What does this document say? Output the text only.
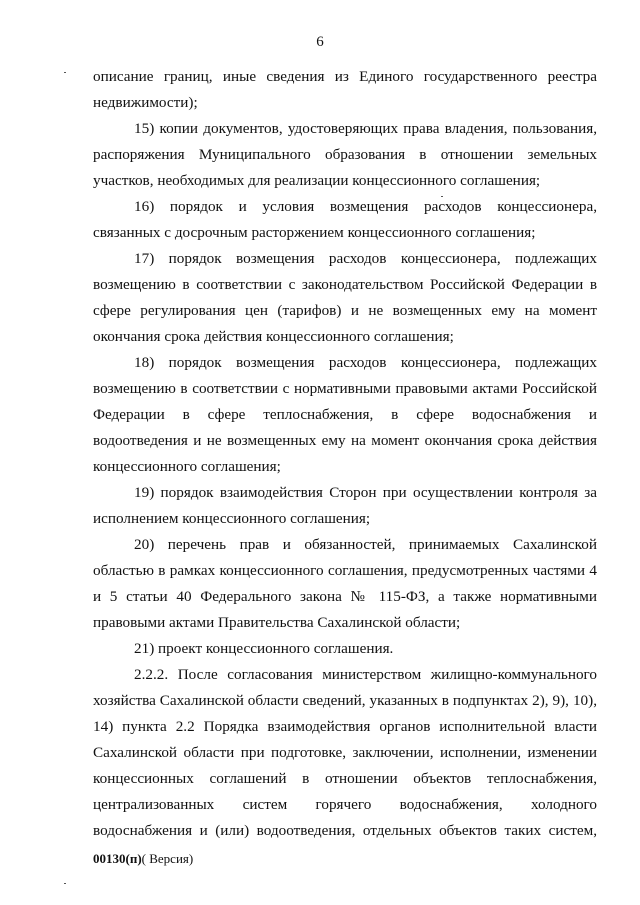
6

описание границ, иные сведения из Единого государственного реестра недвижимости);

15) копии документов, удостоверяющих права владения, пользования, распоряжения Муниципального образования в отношении земельных участков, необходимых для реализации концессионного соглашения;

16) порядок и условия возмещения расходов концессионера, связанных с досрочным расторжением концессионного соглашения;

17) порядок возмещения расходов концессионера, подлежащих возмещению в соответствии с законодательством Российской Федерации в сфере регулирования цен (тарифов) и не возмещенных ему на момент окончания срока действия концессионного соглашения;

18) порядок возмещения расходов концессионера, подлежащих возмещению в соответствии с нормативными правовыми актами Российской Федерации в сфере теплоснабжения, в сфере водоснабжения и водоотведения и не возмещенных ему на момент окончания срока действия концессионного соглашения;

19) порядок взаимодействия Сторон при осуществлении контроля за исполнением концессионного соглашения;

20) перечень прав и обязанностей, принимаемых Сахалинской областью в рамках концессионного соглашения, предусмотренных частями 4 и 5 статьи 40 Федерального закона № 115-ФЗ, а также нормативными правовыми актами Правительства Сахалинской области;

21) проект концессионного соглашения.

2.2.2. После согласования министерством жилищно-коммунального хозяйства Сахалинской области сведений, указанных в подпунктах 2), 9), 10), 14) пункта 2.2 Порядка взаимодействия органов исполнительной власти Сахалинской области при подготовке, заключении, исполнении, изменении концессионных соглашений в отношении объектов теплоснабжения, централизованных систем горячего водоснабжения, холодного водоснабжения и (или) водоотведения, отдельных объектов таких систем,

00130(п)( Версия)
